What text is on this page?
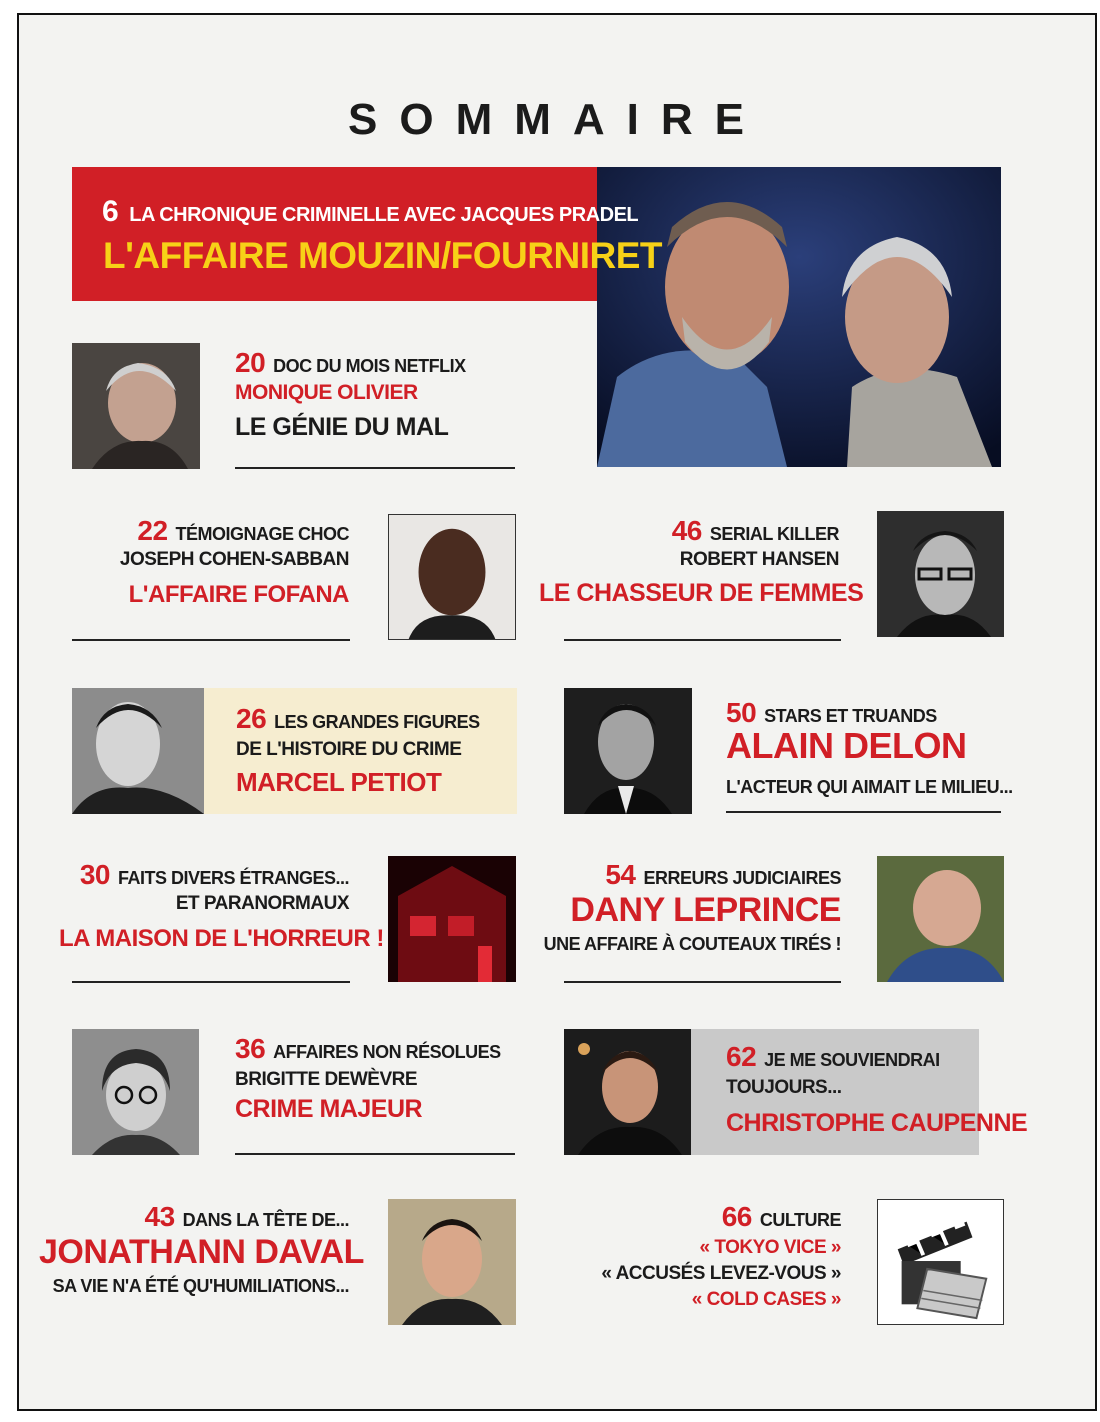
SOMMAIRE
6 LA CHRONIQUE CRIMINELLE AVEC JACQUES PRADEL
L'AFFAIRE MOUZIN/FOURNIRET
20 DOC DU MOIS NETFLIX
MONIQUE OLIVIER
LE GÉNIE DU MAL
22 TÉMOIGNAGE CHOC
JOSEPH COHEN-SABBAN
L'AFFAIRE FOFANA
46 SERIAL KILLER
ROBERT HANSEN
LE CHASSEUR DE FEMMES
26 LES GRANDES FIGURES
DE L'HISTOIRE DU CRIME
MARCEL PETIOT
50 STARS ET TRUANDS
ALAIN DELON
L'ACTEUR QUI AIMAIT LE MILIEU...
30 FAITS DIVERS ÉTRANGES...
ET PARANORMAUX
LA MAISON DE L'HORREUR !
54 ERREURS JUDICIAIRES
DANY LEPRINCE
UNE AFFAIRE À COUTEAUX TIRÉS !
36 AFFAIRES NON RÉSOLUES
BRIGITTE DEWÈVRE
CRIME MAJEUR
62 JE ME SOUVIENDRAI
TOUJOURS...
CHRISTOPHE CAUPENNE
43 DANS LA TÊTE DE...
JONATHANN DAVAL
SA VIE N'A ÉTÉ QU'HUMILIATIONS...
66 CULTURE
« TOKYO VICE »
« ACCUSÉS LEVEZ-VOUS »
« COLD CASES »
